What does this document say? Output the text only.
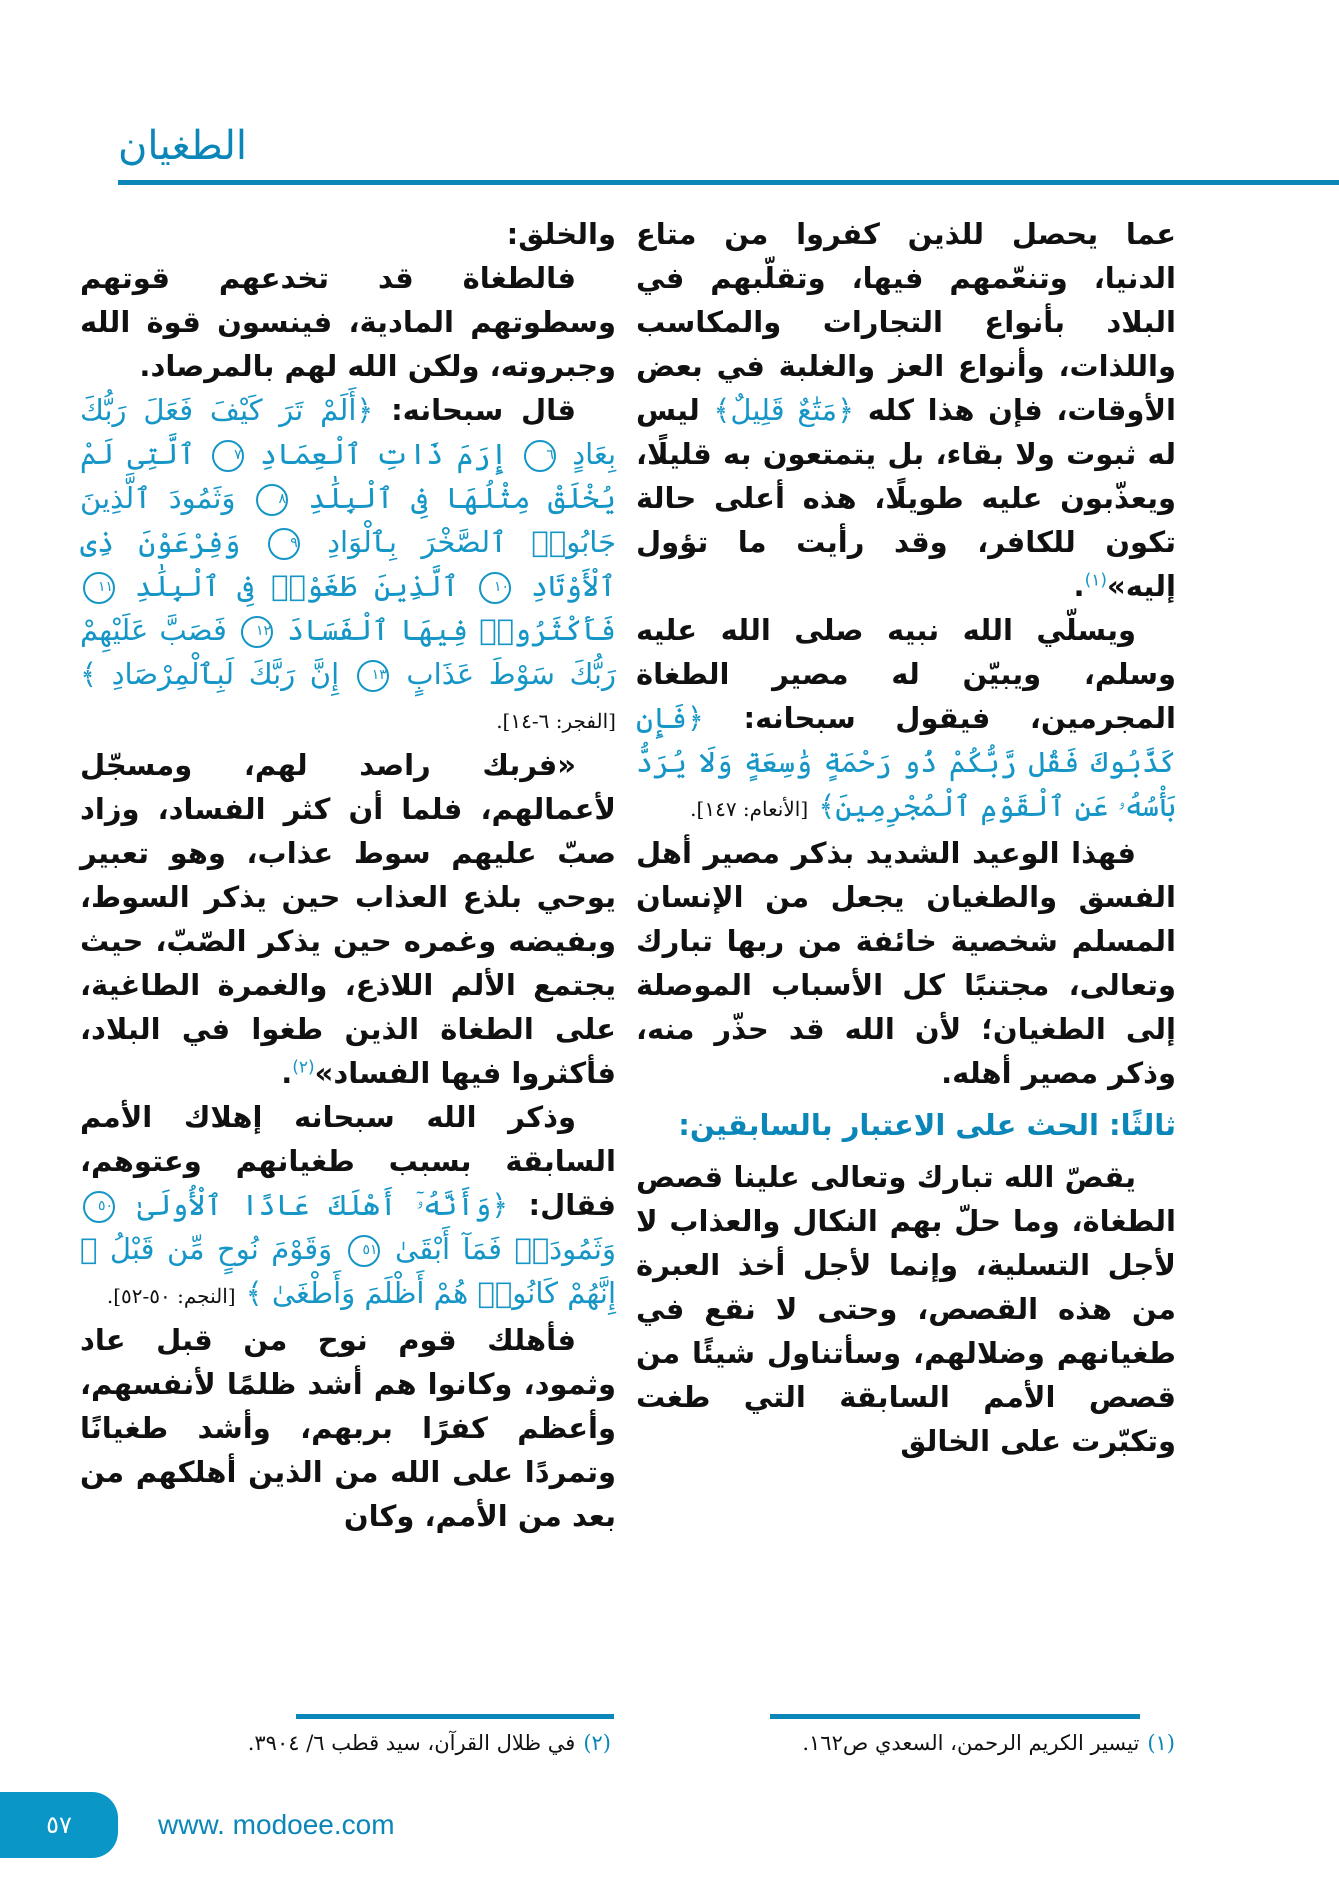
الطغيان

عما يحصل للذين كفروا من متاع الدنيا، وتنعّمهم فيها، وتقلّبهم في البلاد بأنواع التجارات والمكاسب واللذات، وأنواع العز والغلبة في بعض الأوقات، فإن هذا كله ﴿مَتَٰعٌ قَلِيلٌ﴾ ليس له ثبوت ولا بقاء، بل يتمتعون به قليلًا، ويعذّبون عليه طويلًا، هذه أعلى حالة تكون للكافر، وقد رأيت ما تؤول إليه»$^{(١)}$.

ويسلّي الله نبيه صلى الله عليه وسلم، ويبيّن له مصير الطغاة المجرمين، فيقول سبحانه: ﴿فَإِن كَذَّبُوكَ فَقُل رَّبُّكُمْ ذُو رَحْمَةٍ وَٰسِعَةٍ وَلَا يُرَدُّ بَأْسُهُۥ عَنِ ٱلْقَوْمِ ٱلْمُجْرِمِينَ﴾ [الأنعام: ١٤٧].

فهذا الوعيد الشديد بذكر مصير أهل الفسق والطغيان يجعل من الإنسان المسلم شخصية خائفة من ربها تبارك وتعالى، مجتنبًا كل الأسباب الموصلة إلى الطغيان؛ لأن الله قد حذّر منه، وذكر مصير أهله.

ثالثًا: الحث على الاعتبار بالسابقين:

يقصّ الله تبارك وتعالى علينا قصص الطغاة، وما حلّ بهم النكال والعذاب لا لأجل التسلية، وإنما لأجل أخذ العبرة من هذه القصص، وحتى لا نقع في طغيانهم وضلالهم، وسأتناول شيئًا من قصص الأمم السابقة التي طغت وتكبّرت على الخالق

والخلق:

فالطغاة قد تخدعهم قوتهم وسطوتهم المادية، فينسون قوة الله وجبروته، ولكن الله لهم بالمرصاد.

قال سبحانه: ﴿أَلَمْ تَرَ كَيْفَ فَعَلَ رَبُّكَ بِعَادٍ ٦ إِرَمَ ذَاتِ ٱلْعِمَادِ ٧ ٱلَّتِى لَمْ يُخْلَقْ مِثْلُهَا فِى ٱلْبِلَٰدِ ٨ وَثَمُودَ ٱلَّذِينَ جَابُوا۟ ٱلصَّخْرَ بِٱلْوَادِ ٩ وَفِرْعَوْنَ ذِى ٱلْأَوْتَادِ ١٠ ٱلَّذِينَ طَغَوْا۟ فِى ٱلْبِلَٰدِ ١١ فَأَكْثَرُوا۟ فِيهَا ٱلْفَسَادَ ١٢ فَصَبَّ عَلَيْهِمْ رَبُّكَ سَوْطَ عَذَابٍ ١٣ إِنَّ رَبَّكَ لَبِٱلْمِرْصَادِ ﴾ [الفجر: ٦-١٤].

«فربك راصد لهم، ومسجّل لأعمالهم، فلما أن كثر الفساد، وزاد صبّ عليهم سوط عذاب، وهو تعبير يوحي بلذع العذاب حين يذكر السوط، وبفيضه وغمره حين يذكر الصّبّ، حيث يجتمع الألم اللاذع، والغمرة الطاغية، على الطغاة الذين طغوا في البلاد، فأكثروا فيها الفساد»$^{(٢)}$.

وذكر الله سبحانه إهلاك الأمم السابقة بسبب طغيانهم وعتوهم، فقال: ﴿وَأَنَّهُۥٓ أَهْلَكَ عَادًا ٱلْأُولَىٰ ٥٠ وَثَمُودَا۟ فَمَآ أَبْقَىٰ ٥١ وَقَوْمَ نُوحٍ مِّن قَبْلُ ۖ إِنَّهُمْ كَانُوا۟ هُمْ أَظْلَمَ وَأَطْغَىٰ ﴾ [النجم: ٥٠-٥٢].

فأهلك قوم نوح من قبل عاد وثمود، وكانوا هم أشد ظلمًا لأنفسهم، وأعظم كفرًا بربهم، وأشد طغيانًا وتمردًا على الله من الذين أهلكهم من بعد من الأمم، وكان

(١)تيسير الكريم الرحمن، السعدي ص١٦٢.
(٢)في ظلال القرآن، سيد قطب ٦/ ٣٩٠٤.
٥٧	www. modoee.com
